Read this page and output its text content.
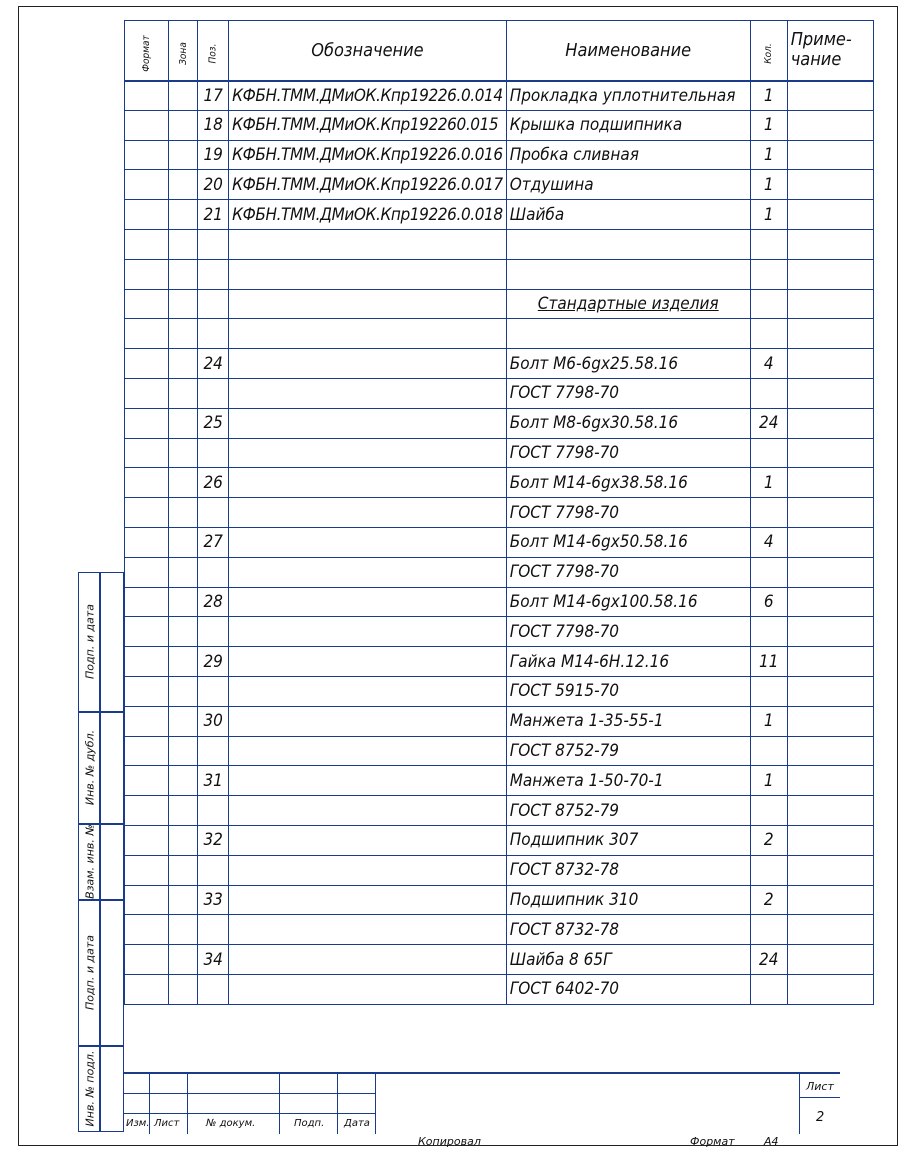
Формат	Зона	Поз.	Обозначение	Наименование	Кол.	Приме-
чание

		17	КФБН.ТММ.ДМиОК.Кпр19226.0.014	Прокладка уплотнительная	1	
		18	КФБН.ТММ.ДМиОК.Кпр192260.015	Крышка подшипника	1	
		19	КФБН.ТММ.ДМиОК.Кпр19226.0.016	Пробка сливная	1	
		20	КФБН.ТММ.ДМиОК.Кпр19226.0.017	Отдушина	1	
		21	КФБН.ТММ.ДМиОК.Кпр19226.0.018	Шайба	1	

				Стандартные изделия		

		24		Болт М6-6gx25.58.16	4	
				ГОСТ 7798-70		
		25		Болт М8-6gx30.58.16	24	
				ГОСТ 7798-70		
		26		Болт М14-6gx38.58.16	1	
				ГОСТ 7798-70		
		27		Болт М14-6gx50.58.16	4	
				ГОСТ 7798-70		
		28		Болт М14-6gx100.58.16	6	
				ГОСТ 7798-70		
		29		Гайка М14-6Н.12.16	11	
				ГОСТ 5915-70		
		30		Манжета 1-35-55-1	1	
				ГОСТ 8752-79		
		31		Манжета 1-50-70-1	1	
				ГОСТ 8752-79		
		32		Подшипник 307	2	
				ГОСТ 8732-78		
		33		Подшипник 310	2	
				ГОСТ 8732-78		
		34		Шайба 8 65Г	24	
				ГОСТ 6402-70		
Подп. и дата
Инв. № дубл.
Взам. инв. №
Подп. и дата
Инв. № подл.	Изм. Лист	№ докум.	Подп. Дата
Лист
2
Копировал	Формат	А4
